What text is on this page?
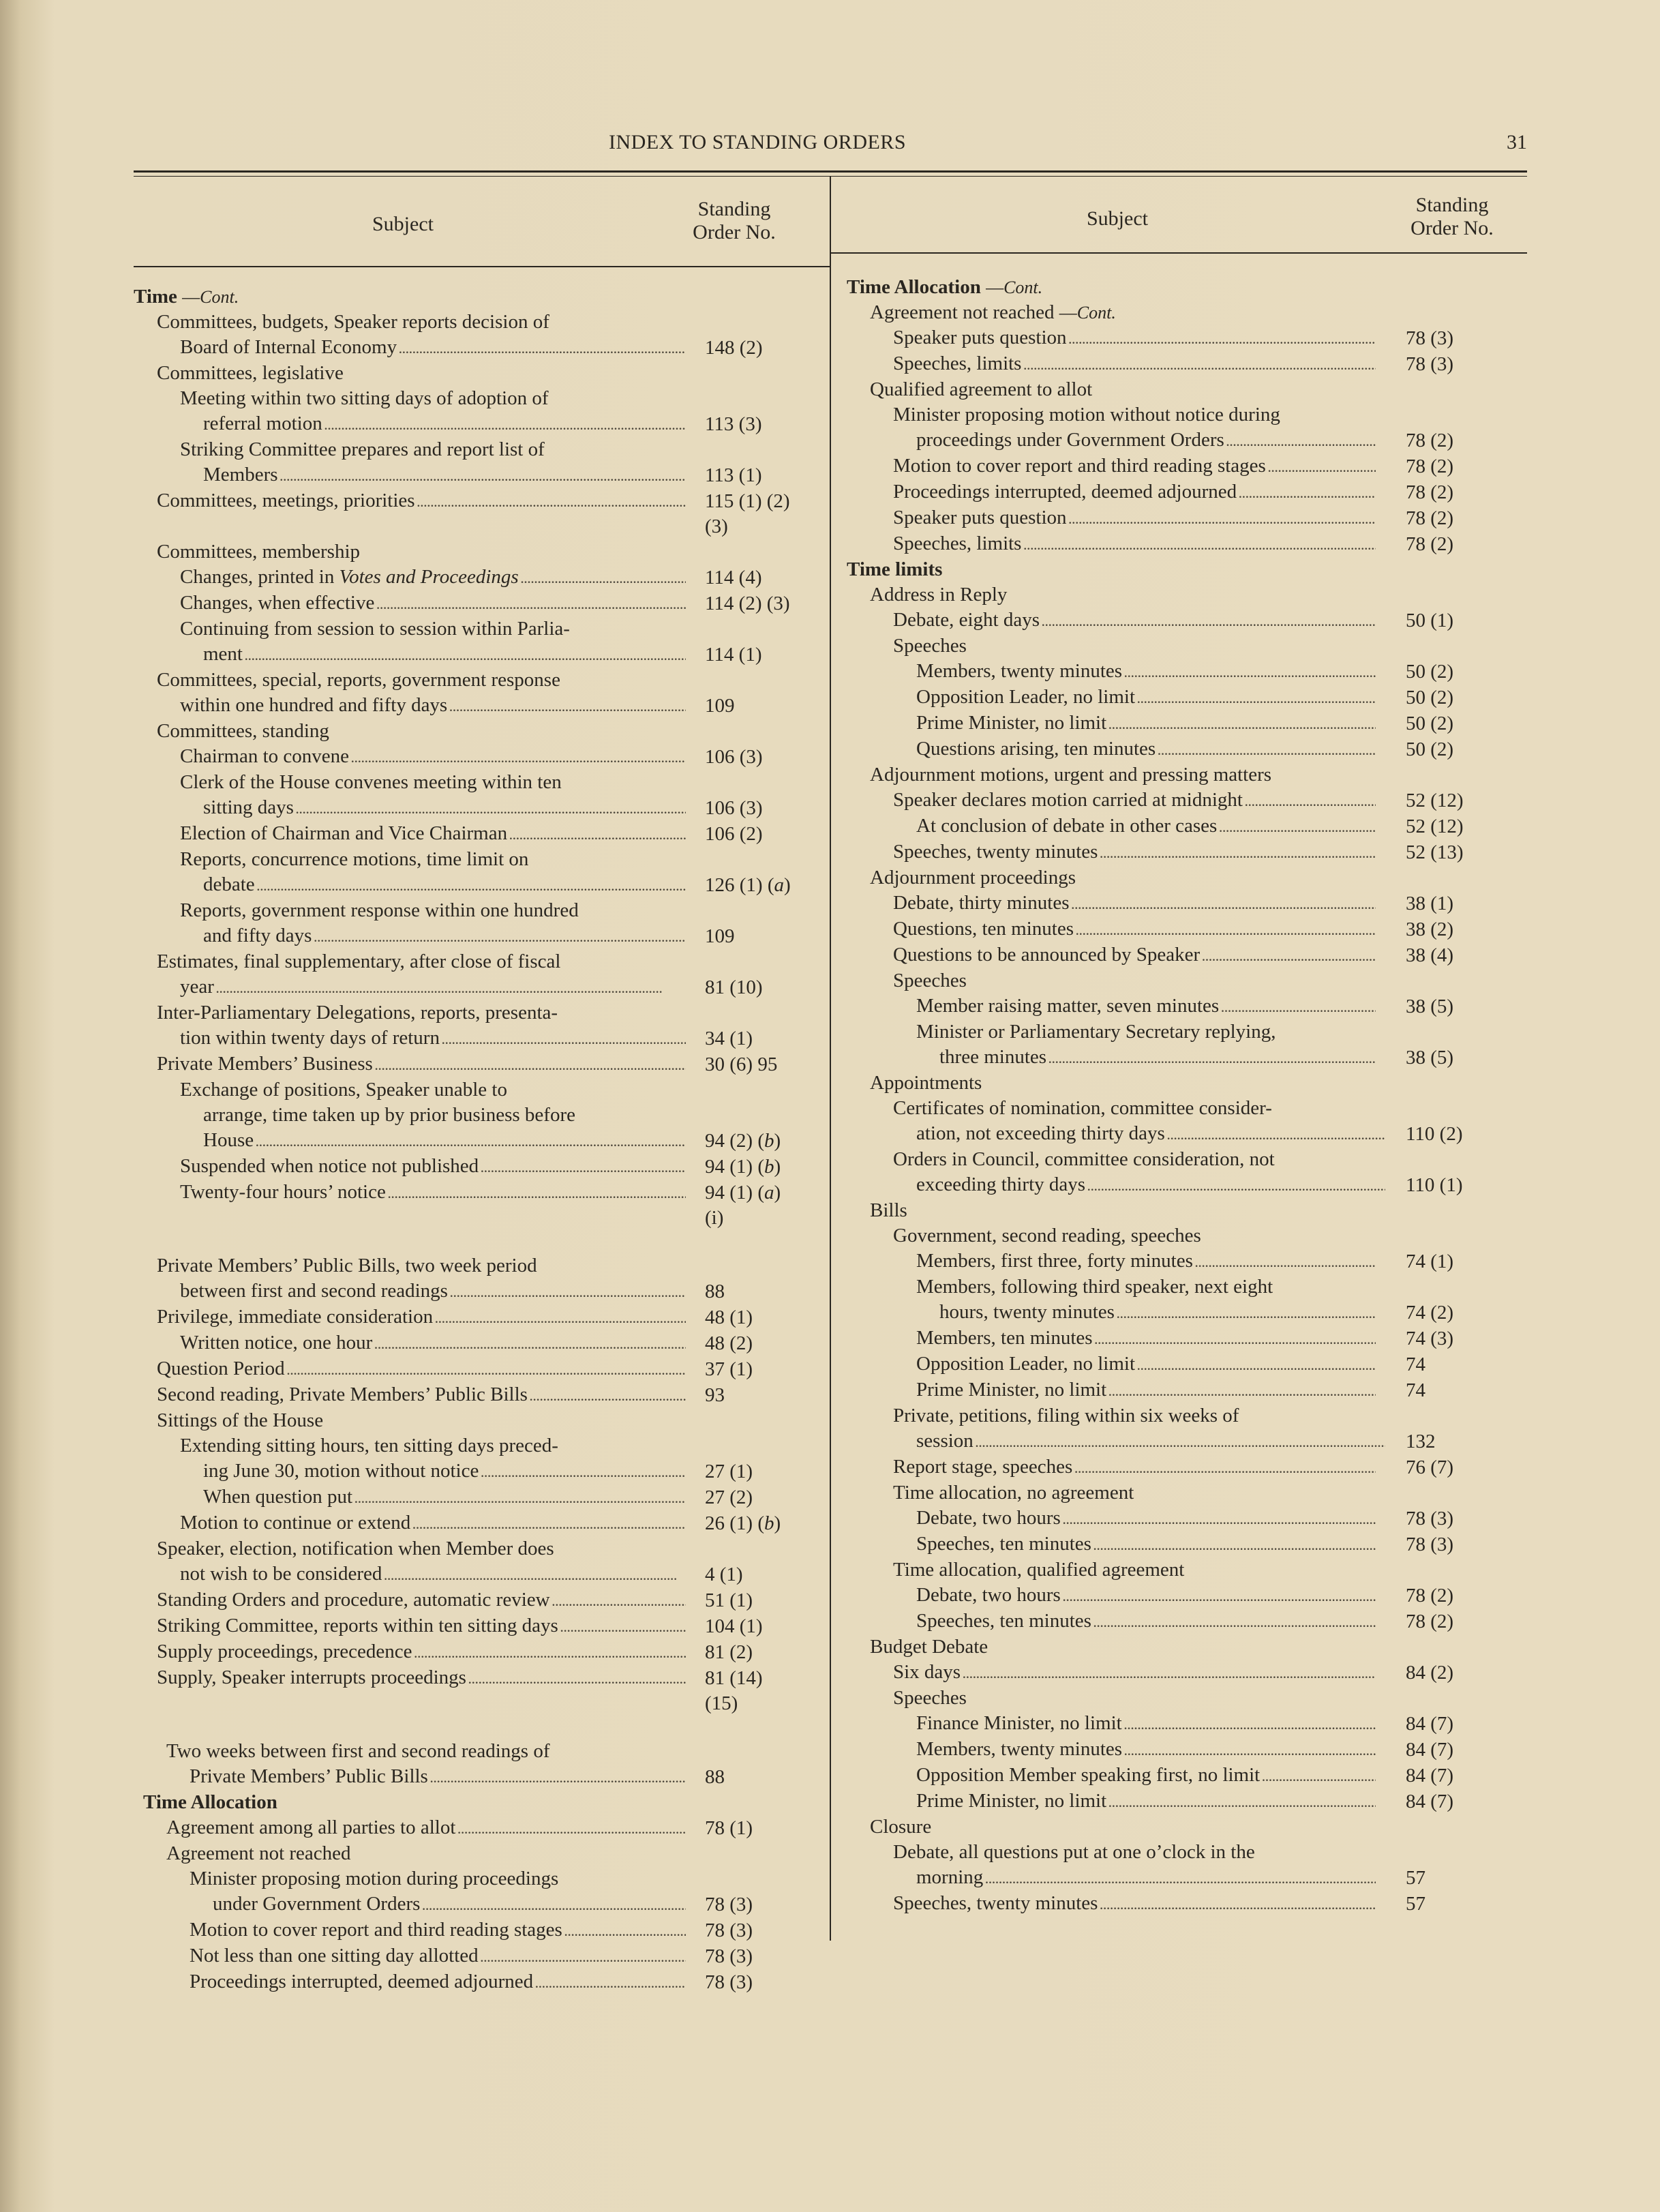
INDEX TO STANDING ORDERS	31
Subject
Standing
Order No.
Subject
Standing
Order No.
Time —Cont.
Committees, budgets, Speaker reports decision of
Board of Internal Economy . . .	148 (2)
Committees, legislative
Meeting within two sitting days of adoption of
referral motion . . .	113 (3)
Striking Committee prepares and report list of
Members . . .	113 (1)
Committees, meetings, priorities . . .	115 (1) (2)
(3)
Committees, membership
Changes, printed in Votes and Proceedings . . .	114 (4)
Changes, when effective . . .	114 (2) (3)
Continuing from session to session within Parlia-
ment . . .	114 (1)
Committees, special, reports, government response
within one hundred and fifty days . . .	109
Committees, standing
Chairman to convene . . .	106 (3)
Clerk of the House convenes meeting within ten
sitting days . . .	106 (3)
Election of Chairman and Vice Chairman . . .	106 (2)
Reports, concurrence motions, time limit on
debate . . .	126 (1) (a)
Reports, government response within one hundred
and fifty days . . .	109
Estimates, final supplementary, after close of fiscal
year . . .	81 (10)
Inter-Parliamentary Delegations, reports, presenta-
tion within twenty days of return . . .	34 (1)
Private Members’ Business . . .	30 (6) 95
Exchange of positions, Speaker unable to
arrange, time taken up by prior business before
House . . .	94 (2) (b)
Suspended when notice not published . . .	94 (1) (b)
Twenty-four hours’ notice . . .	94 (1) (a)
(i)
Private Members’ Public Bills, two week period
between first and second readings . . .	88
Privilege, immediate consideration . . .	48 (1)
Written notice, one hour . . .	48 (2)
Question Period . . .	37 (1)
Second reading, Private Members’ Public Bills . . .	93
Sittings of the House
Extending sitting hours, ten sitting days preced-
ing June 30, motion without notice . . .	27 (1)
When question put . . .	27 (2)
Motion to continue or extend . . .	26 (1) (b)
Speaker, election, notification when Member does
not wish to be considered . . .	4 (1)
Standing Orders and procedure, automatic review . . .	51 (1)
Striking Committee, reports within ten sitting days . . .	104 (1)
Supply proceedings, precedence . . .	81 (2)
Supply, Speaker interrupts proceedings . . .	81 (14)
(15)
Two weeks between first and second readings of
Private Members’ Public Bills . . .	88
Time Allocation
Agreement among all parties to allot . . .	78 (1)
Agreement not reached
Minister proposing motion during proceedings
under Government Orders . . .	78 (3)
Motion to cover report and third reading stages . . .	78 (3)
Not less than one sitting day allotted . . .	78 (3)
Proceedings interrupted, deemed adjourned . . .	78 (3)
Time Allocation —Cont.
Agreement not reached —Cont.
Speaker puts question . . .	78 (3)
Speeches, limits . . .	78 (3)
Qualified agreement to allot
Minister proposing motion without notice during
proceedings under Government Orders . . .	78 (2)
Motion to cover report and third reading stages . . .	78 (2)
Proceedings interrupted, deemed adjourned . . .	78 (2)
Speaker puts question . . .	78 (2)
Speeches, limits . . .	78 (2)
Time limits
Address in Reply
Debate, eight days . . .	50 (1)
Speeches
Members, twenty minutes . . .	50 (2)
Opposition Leader, no limit . . .	50 (2)
Prime Minister, no limit . . .	50 (2)
Questions arising, ten minutes . . .	50 (2)
Adjournment motions, urgent and pressing matters
Speaker declares motion carried at midnight . . .	52 (12)
At conclusion of debate in other cases . . .	52 (12)
Speeches, twenty minutes . . .	52 (13)
Adjournment proceedings
Debate, thirty minutes . . .	38 (1)
Questions, ten minutes . . .	38 (2)
Questions to be announced by Speaker . . .	38 (4)
Speeches
Member raising matter, seven minutes . . .	38 (5)
Minister or Parliamentary Secretary replying,
three minutes . . .	38 (5)
Appointments
Certificates of nomination, committee consider-
ation, not exceeding thirty days . . .	110 (2)
Orders in Council, committee consideration, not
exceeding thirty days . . .	110 (1)
Bills
Government, second reading, speeches
Members, first three, forty minutes . . .	74 (1)
Members, following third speaker, next eight
hours, twenty minutes . . .	74 (2)
Members, ten minutes . . .	74 (3)
Opposition Leader, no limit . . .	74
Prime Minister, no limit . . .	74
Private, petitions, filing within six weeks of
session . . .	132
Report stage, speeches . . .	76 (7)
Time allocation, no agreement
Debate, two hours . . .	78 (3)
Speeches, ten minutes . . .	78 (3)
Time allocation, qualified agreement
Debate, two hours . . .	78 (2)
Speeches, ten minutes . . .	78 (2)
Budget Debate
Six days . . .	84 (2)
Speeches
Finance Minister, no limit . . .	84 (7)
Members, twenty minutes . . .	84 (7)
Opposition Member speaking first, no limit . . .	84 (7)
Prime Minister, no limit . . .	84 (7)
Closure
Debate, all questions put at one o’clock in the
morning . . .	57
Speeches, twenty minutes . . .	57
